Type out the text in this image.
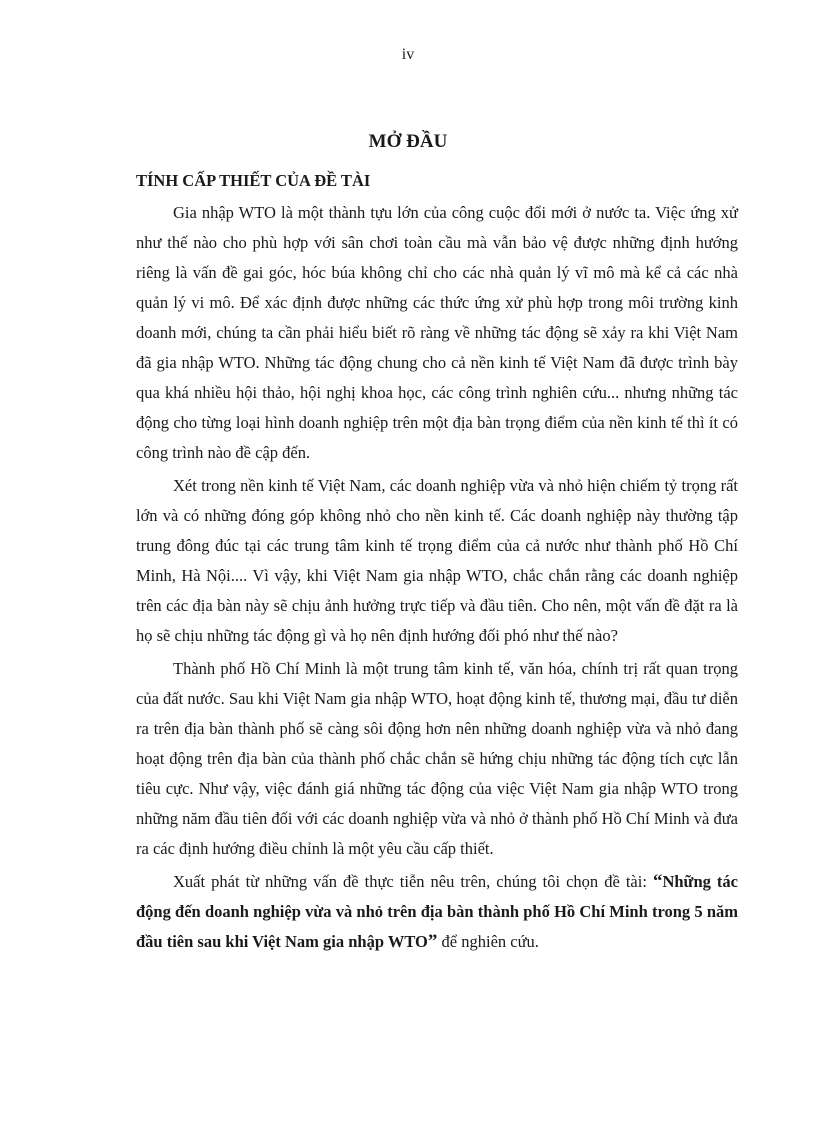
iv
MỞ ĐẦU
TÍNH CẤP THIẾT CỦA ĐỀ TÀI

Gia nhập WTO là một thành tựu lớn của công cuộc đổi mới ở nước ta. Việc ứng xử như thế nào cho phù hợp với sân chơi toàn cầu mà vẫn bảo vệ được những định hướng riêng là vấn đề gai góc, hóc búa không chỉ cho các nhà quản lý vĩ mô mà kể cả các nhà quản lý vi mô. Để xác định được những các thức ứng xử phù hợp trong môi trường kinh doanh mới, chúng ta cần phải hiểu biết rõ ràng về những tác động sẽ xảy ra khi Việt Nam đã gia nhập WTO. Những tác động chung cho cả nền kinh tế Việt Nam đã được trình bày qua khá nhiều hội thảo, hội nghị khoa học, các công trình nghiên cứu... nhưng những tác động cho từng loại hình doanh nghiệp trên một địa bàn trọng điểm của nền kinh tế thì ít có công trình nào đề cập đến.

Xét trong nền kinh tế Việt Nam, các doanh nghiệp vừa và nhỏ hiện chiếm tỷ trọng rất lớn và có những đóng góp không nhỏ cho nền kinh tế. Các doanh nghiệp này thường tập trung đông đúc tại các trung tâm kinh tế trọng điểm của cả nước như thành phố Hồ Chí Minh, Hà Nội.... Vì vậy, khi Việt Nam gia nhập WTO, chắc chắn rằng các doanh nghiệp trên các địa bàn này sẽ chịu ảnh hưởng trực tiếp và đầu tiên. Cho nên, một vấn đề đặt ra là họ sẽ chịu những tác động gì và họ nên định hướng đối phó như thế nào?

Thành phố Hồ Chí Minh là một trung tâm kinh tế, văn hóa, chính trị rất quan trọng của đất nước. Sau khi Việt Nam gia nhập WTO, hoạt động kinh tế, thương mại, đầu tư diễn ra trên địa bàn thành phố sẽ càng sôi động hơn nên những doanh nghiệp vừa và nhỏ đang hoạt động trên địa bàn của thành phố chắc chắn sẽ hứng chịu những tác động tích cực lẫn tiêu cực. Như vậy, việc đánh giá những tác động của việc Việt Nam gia nhập WTO trong những năm đầu tiên đối với các doanh nghiệp vừa và nhỏ ở thành phố Hồ Chí Minh và đưa ra các định hướng điều chỉnh là một yêu cầu cấp thiết.

Xuất phát từ những vấn đề thực tiễn nêu trên, chúng tôi chọn đề tài: “Những tác động đến doanh nghiệp vừa và nhỏ trên địa bàn thành phố Hồ Chí Minh trong 5 năm đầu tiên sau khi Việt Nam gia nhập WTO” để nghiên cứu.
